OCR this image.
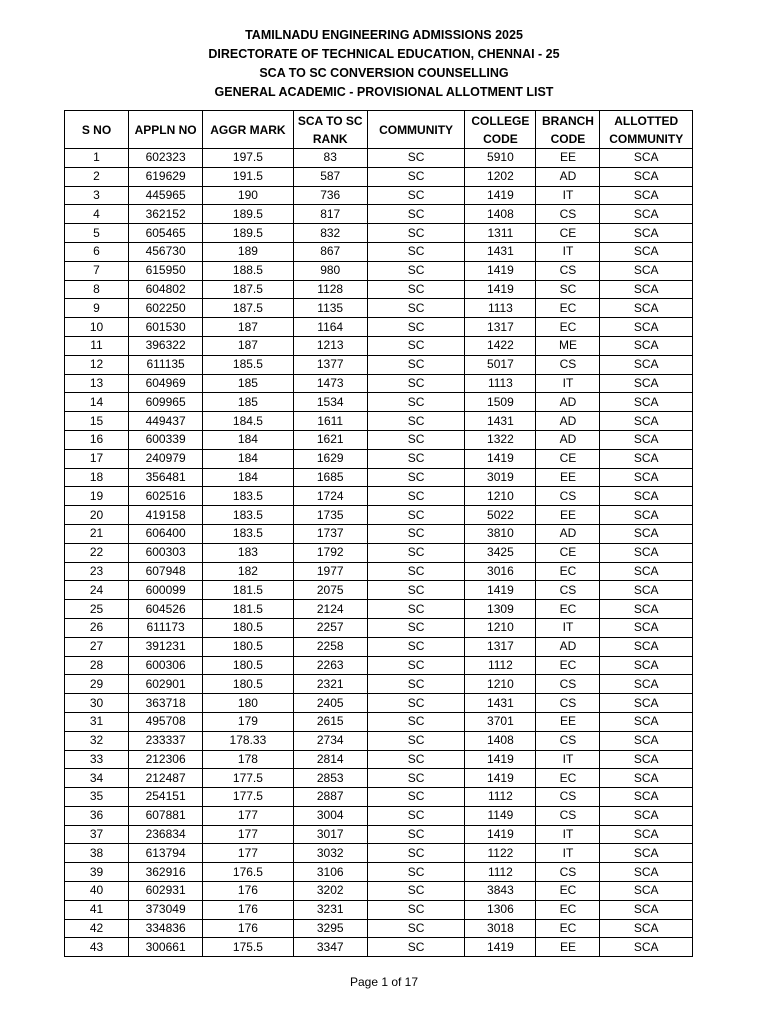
TAMILNADU ENGINEERING ADMISSIONS 2025
DIRECTORATE OF TECHNICAL EDUCATION, CHENNAI - 25
SCA TO SC CONVERSION COUNSELLING
GENERAL ACADEMIC - PROVISIONAL ALLOTMENT LIST
S NO	APPLN NO	AGGR MARK	SCA TO SC RANK	COMMUNITY	COLLEGE CODE	BRANCH CODE	ALLOTTED COMMUNITY
1	602323	197.5	83	SC	5910	EE	SCA
2	619629	191.5	587	SC	1202	AD	SCA
3	445965	190	736	SC	1419	IT	SCA
4	362152	189.5	817	SC	1408	CS	SCA
5	605465	189.5	832	SC	1311	CE	SCA
6	456730	189	867	SC	1431	IT	SCA
7	615950	188.5	980	SC	1419	CS	SCA
8	604802	187.5	1128	SC	1419	SC	SCA
9	602250	187.5	1135	SC	1113	EC	SCA
10	601530	187	1164	SC	1317	EC	SCA
11	396322	187	1213	SC	1422	ME	SCA
12	611135	185.5	1377	SC	5017	CS	SCA
13	604969	185	1473	SC	1113	IT	SCA
14	609965	185	1534	SC	1509	AD	SCA
15	449437	184.5	1611	SC	1431	AD	SCA
16	600339	184	1621	SC	1322	AD	SCA
17	240979	184	1629	SC	1419	CE	SCA
18	356481	184	1685	SC	3019	EE	SCA
19	602516	183.5	1724	SC	1210	CS	SCA
20	419158	183.5	1735	SC	5022	EE	SCA
21	606400	183.5	1737	SC	3810	AD	SCA
22	600303	183	1792	SC	3425	CE	SCA
23	607948	182	1977	SC	3016	EC	SCA
24	600099	181.5	2075	SC	1419	CS	SCA
25	604526	181.5	2124	SC	1309	EC	SCA
26	611173	180.5	2257	SC	1210	IT	SCA
27	391231	180.5	2258	SC	1317	AD	SCA
28	600306	180.5	2263	SC	1112	EC	SCA
29	602901	180.5	2321	SC	1210	CS	SCA
30	363718	180	2405	SC	1431	CS	SCA
31	495708	179	2615	SC	3701	EE	SCA
32	233337	178.33	2734	SC	1408	CS	SCA
33	212306	178	2814	SC	1419	IT	SCA
34	212487	177.5	2853	SC	1419	EC	SCA
35	254151	177.5	2887	SC	1112	CS	SCA
36	607881	177	3004	SC	1149	CS	SCA
37	236834	177	3017	SC	1419	IT	SCA
38	613794	177	3032	SC	1122	IT	SCA
39	362916	176.5	3106	SC	1112	CS	SCA
40	602931	176	3202	SC	3843	EC	SCA
41	373049	176	3231	SC	1306	EC	SCA
42	334836	176	3295	SC	3018	EC	SCA
43	300661	175.5	3347	SC	1419	EE	SCA
Page 1 of 17
